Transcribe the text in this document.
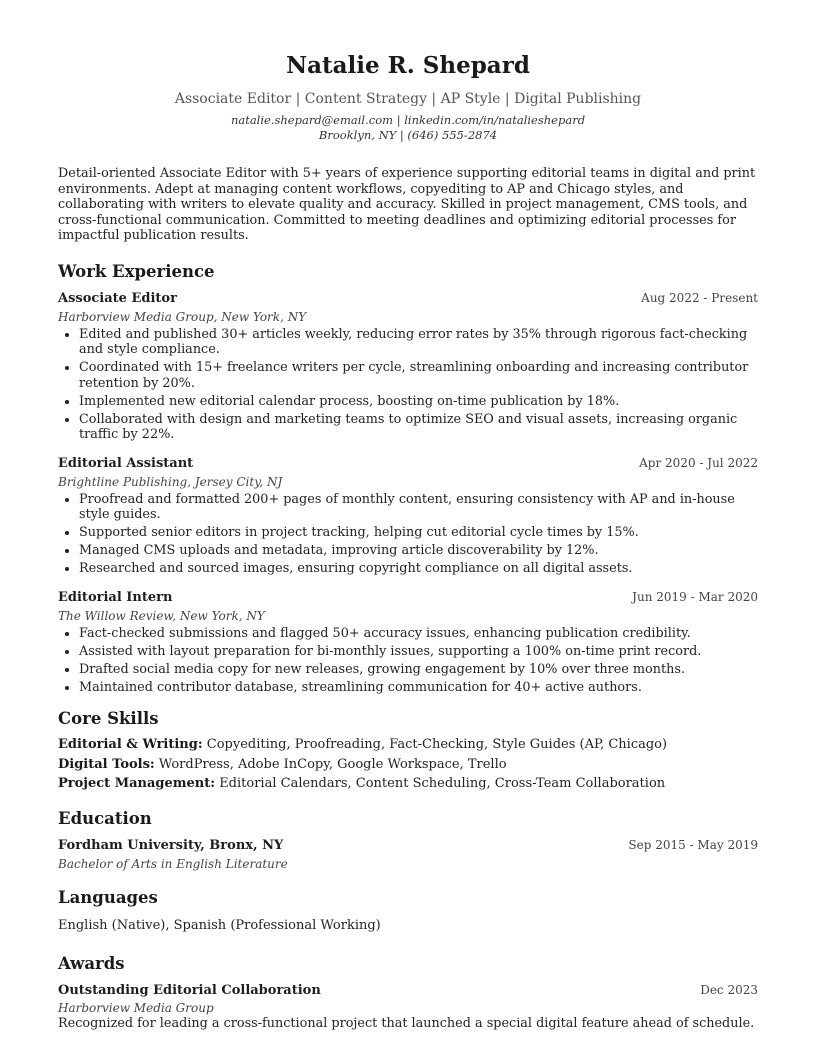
Natalie R. Shepard
Associate Editor | Content Strategy | AP Style | Digital Publishing
natalie.shepard@email.com | linkedin.com/in/natalieshepard
Brooklyn, NY | (646) 555-2874

Detail-oriented Associate Editor with 5+ years of experience supporting editorial teams in digital and print environments. Adept at managing content workflows, copyediting to AP and Chicago styles, and collaborating with writers to elevate quality and accuracy. Skilled in project management, CMS tools, and cross-functional communication. Committed to meeting deadlines and optimizing editorial processes for impactful publication results.

Work Experience
Associate Editor	Aug 2022 - Present
Harborview Media Group, New York, NY
• Edited and published 30+ articles weekly, reducing error rates by 35% through rigorous fact-checking and style compliance.
• Coordinated with 15+ freelance writers per cycle, streamlining onboarding and increasing contributor retention by 20%.
• Implemented new editorial calendar process, boosting on-time publication by 18%.
• Collaborated with design and marketing teams to optimize SEO and visual assets, increasing organic traffic by 22%.
Editorial Assistant	Apr 2020 - Jul 2022
Brightline Publishing, Jersey City, NJ
• Proofread and formatted 200+ pages of monthly content, ensuring consistency with AP and in-house style guides.
• Supported senior editors in project tracking, helping cut editorial cycle times by 15%.
• Managed CMS uploads and metadata, improving article discoverability by 12%.
• Researched and sourced images, ensuring copyright compliance on all digital assets.
Editorial Intern	Jun 2019 - Mar 2020
The Willow Review, New York, NY
• Fact-checked submissions and flagged 50+ accuracy issues, enhancing publication credibility.
• Assisted with layout preparation for bi-monthly issues, supporting a 100% on-time print record.
• Drafted social media copy for new releases, growing engagement by 10% over three months.
• Maintained contributor database, streamlining communication for 40+ active authors.
Core Skills
Editorial & Writing: Copyediting, Proofreading, Fact-Checking, Style Guides (AP, Chicago)
Digital Tools: WordPress, Adobe InCopy, Google Workspace, Trello
Project Management: Editorial Calendars, Content Scheduling, Cross-Team Collaboration
Education
Fordham University, Bronx, NY	Sep 2015 - May 2019
Bachelor of Arts in English Literature
Languages
English (Native), Spanish (Professional Working)
Awards
Outstanding Editorial Collaboration	Dec 2023
Harborview Media Group
Recognized for leading a cross-functional project that launched a special digital feature ahead of schedule.
